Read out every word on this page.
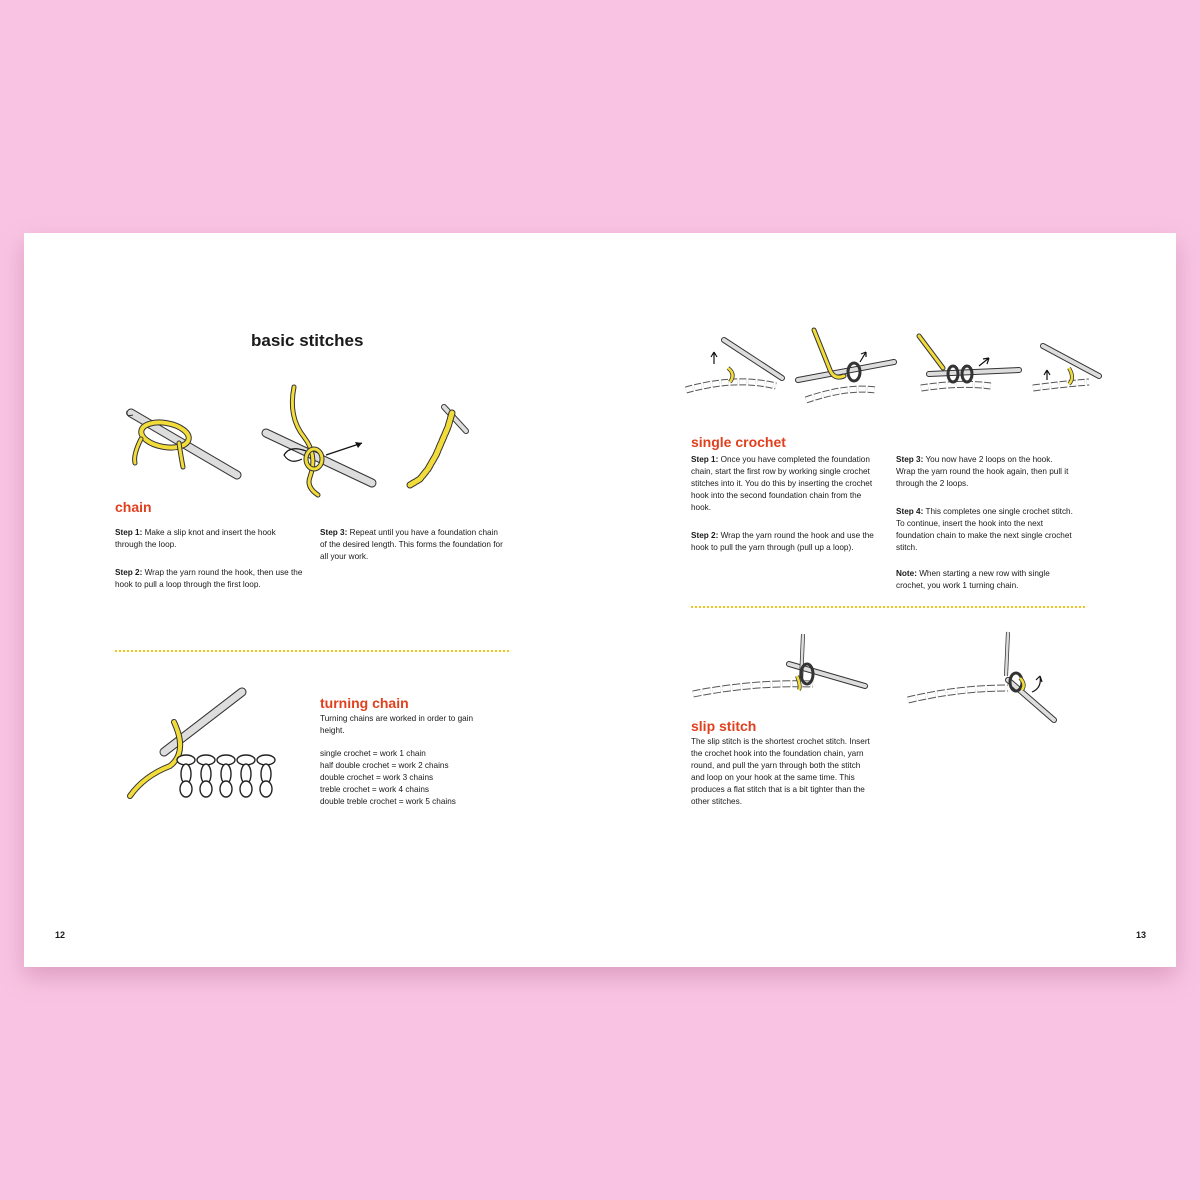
basic stitches
chain

Step 1: Make a slip knot and insert the hook through the loop.

Step 2: Wrap the yarn round the hook, then use the hook to pull a loop through the first loop.

Step 3: Repeat until you have a foundation chain of the desired length. This forms the foundation for all your work.

turning chain

Turning chains are worked in order to gain height.

single crochet = work 1 chain
half double crochet = work 2 chains
double crochet = work 3 chains
treble crochet = work 4 chains
double treble crochet = work 5 chains
12
single crochet

Step 1: Once you have completed the foundation chain, start the first row by working single crochet stitches into it. You do this by inserting the crochet hook into the second foundation chain from the hook.

Step 2: Wrap the yarn round the hook and use the hook to pull the yarn through (pull up a loop).

Step 3: You now have 2 loops on the hook. Wrap the yarn round the hook again, then pull it through the 2 loops.

Step 4: This completes one single crochet stitch. To continue, insert the hook into the next foundation chain to make the next single crochet stitch.

Note: When starting a new row with single crochet, you work 1 turning chain.

slip stitch

The slip stitch is the shortest crochet stitch. Insert the crochet hook into the foundation chain, yarn round, and pull the yarn through both the stitch and loop on your hook at the same time. This produces a flat stitch that is a bit tighter than the other stitches.

13
